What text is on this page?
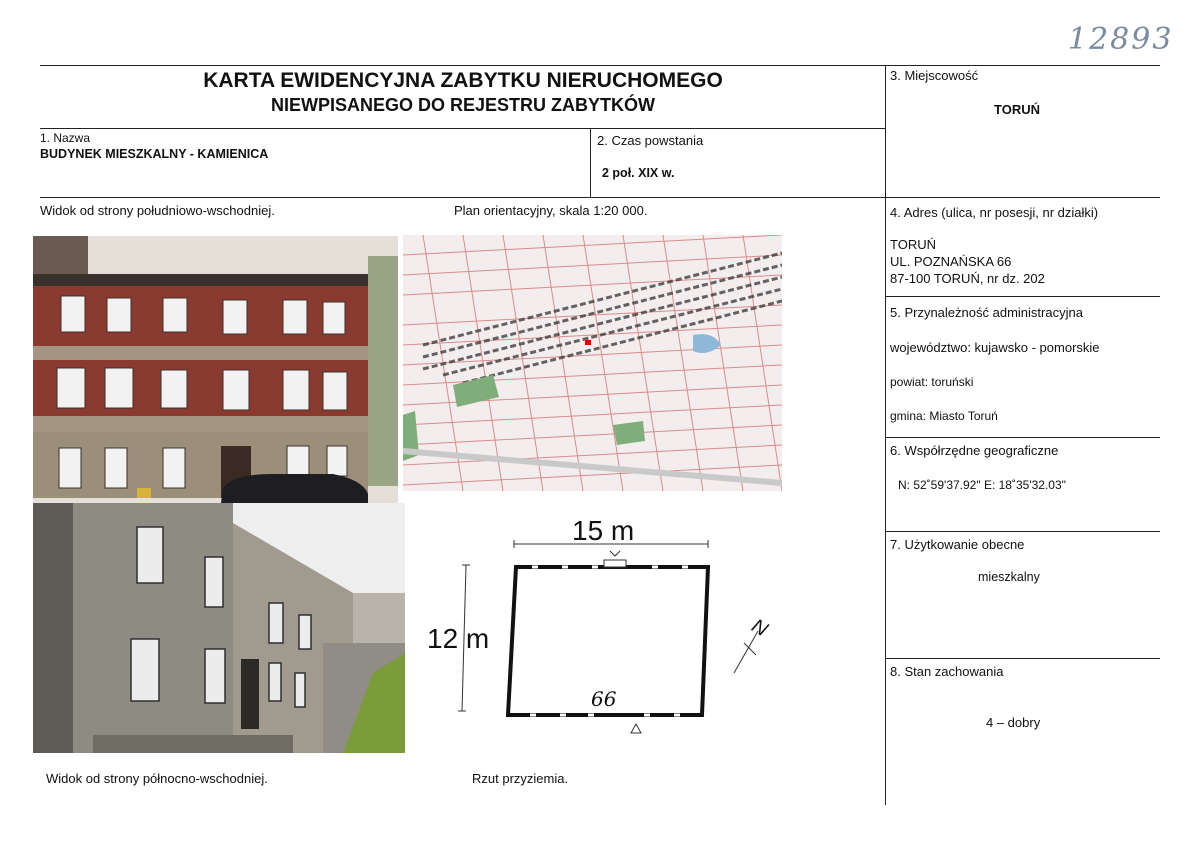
12893
KARTA EWIDENCYJNA ZABYTKU NIERUCHOMEGO
NIEWPISANEGO DO REJESTRU ZABYTKÓW
1. Nazwa
BUDYNEK MIESZKALNY - KAMIENICA
2. Czas powstania
2 poł. XIX w.
3. Miejscowość
TORUŃ
4. Adres (ulica, nr posesji, nr działki)
TORUŃ
UL. POZNAŃSKA 66
87-100 TORUŃ, nr dz. 202
5. Przynależność administracyjna
województwo: kujawsko - pomorskie
powiat: toruński
gmina: Miasto Toruń
6. Współrzędne geograficzne
N: 52˚59'37.92" E: 18˚35'32.03"
7. Użytkowanie obecne
mieszkalny
8. Stan zachowania
4 – dobry
Widok od strony południowo-wschodniej.	Plan orientacyjny, skala 1:20 000.
Widok od strony północno-wschodniej.	Rzut przyziemia.
15 m
12 m
66
N
